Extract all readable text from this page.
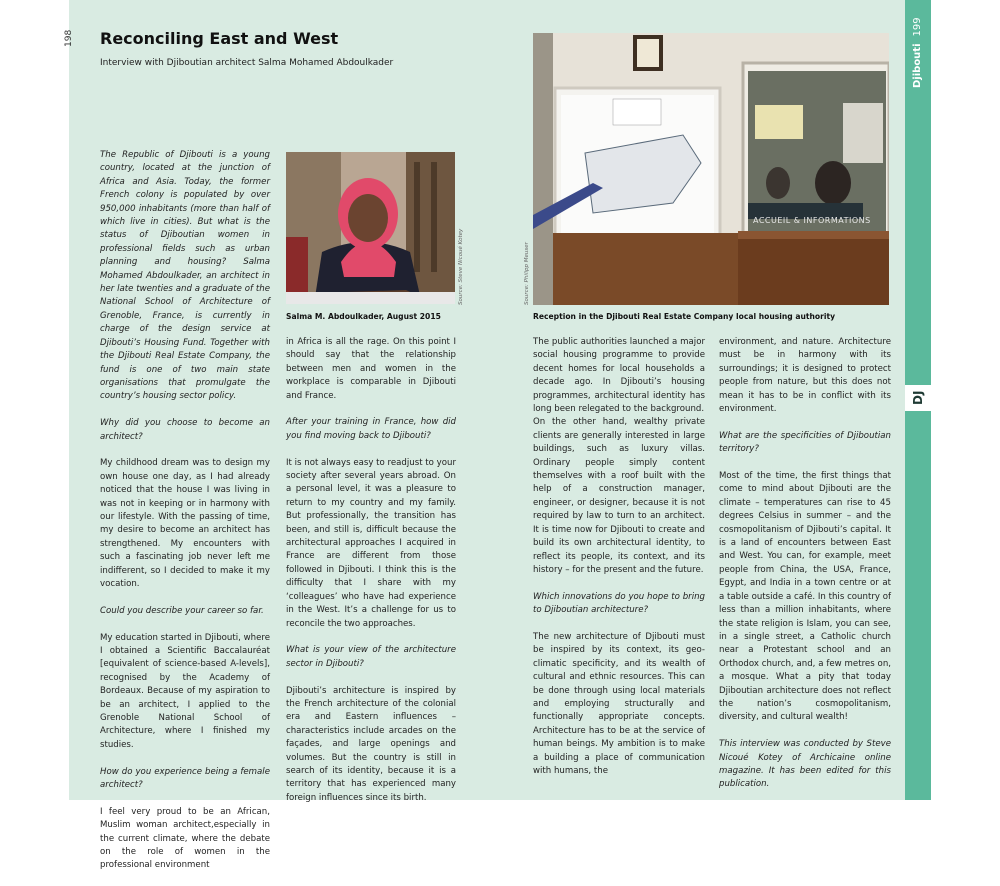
Djibouti  199
DJ
198 Reconciling East and West
Interview with Djiboutian architect Salma Mohamed Abdoulkader

The Republic of Djibouti is a young country, located at the junction of Africa and Asia. Today, the former French colony is populated by over 950,000 inhabitants (more than half of which live in cities). But what is the status of Djiboutian women in professional fields such as urban planning and housing? Salma Mohamed Abdoulkader, an architect in her late twenties and a graduate of the National School of Architecture of Grenoble, France, is currently in charge of the design service at Djibouti’s Housing Fund. Together with the Djibouti Real Estate Company, the fund is one of two main state organisations that promulgate the country’s housing sector policy.

Why did you choose to become an architect?

My childhood dream was to design my own house one day, as I had already noticed that the house I was living in was not in keeping or in harmony with our lifestyle. With the passing of time, my desire to become an architect has strengthened. My encounters with such a fascinating job never left me indifferent, so I decided to make it my vocation.

Could you describe your career so far.

My education started in Djibouti, where I obtained a Scientific Baccalauréat [equivalent of science-based A-levels], recognised by the Academy of Bordeaux. Because of my aspiration to be an architect, I applied to the Grenoble National School of Architecture, where I finished my studies.

How do you experience being a female architect?

I feel very proud to be an African, Muslim woman architect,especially in the current climate, where the debate on the role of women in the professional environment

Source: Steve Nicoué Kotey
Salma M. Abdoulkader, August 2015

in Africa is all the rage. On this point I should say that the relationship between men and women in the workplace is comparable in Djibouti and France.

After your training in France, how did you find moving back to Djibouti?

It is not always easy to readjust to your society after several years abroad. On a personal level, it was a pleasure to return to my country and my family. But professionally, the transition has been, and still is, difficult because the architectural approaches I acquired in France are different from those followed in Djibouti. I think this is the difficulty that I share with my ‘colleagues’ who have had experience in the West. It’s a challenge for us to reconcile the two approaches.

What is your view of the architecture sector in Djibouti?

Djibouti’s architecture is inspired by the French architecture of the colonial era and Eastern influences – characteristics include arcades on the façades, and large openings and volumes. But the country is still in search of its identity, because it is a territory that has experienced many foreign influences since its birth.

ACCUEIL & INFORMATIONS
Source: Philipp Meuser
Reception in the Djibouti Real Estate Company local housing authority

The public authorities launched a major social housing programme to provide decent homes for local households a decade ago. In Djibouti’s housing programmes, architectural identity has long been relegated to the background.

On the other hand, wealthy private clients are generally interested in large buildings, such as luxury villas. Ordinary people simply content themselves with a roof built with the help of a construction manager, engineer, or designer, because it is not required by law to turn to an architect. It is time now for Djibouti to create and build its own architectural identity, to reflect its people, its context, and its history – for the present and the future.

Which innovations do you hope to bring to Djiboutian architecture?

The new architecture of Djibouti must be inspired by its context, its geo-climatic specificity, and its wealth of cultural and ethnic resources. This can be done through using local materials and employing structurally and functionally appropriate concepts. Architecture has to be at the service of human beings. My ambition is to make a building a place of communication with humans, the

environment, and nature. Architecture must be in harmony with its surroundings; it is designed to protect people from nature, but this does not mean it has to be in conflict with its environment.

What are the specificities of Djiboutian territory?

Most of the time, the first things that come to mind about Djibouti are the climate – temperatures can rise to 45 degrees Celsius in summer – and the cosmopolitanism of Djibouti’s capital. It is a land of encounters between East and West. You can, for example, meet people from China, the USA, France, Egypt, and India in a town centre or at a table outside a café. In this country of less than a million inhabitants, where the state religion is Islam, you can see, in a single street, a Catholic church near a Protestant school and an Orthodox church, and, a few metres on, a mosque. What a pity that today Djiboutian architecture does not reflect the nation’s cosmopolitanism, diversity, and cultural wealth!

This interview was conducted by Steve Nicoué Kotey of Archicaine online magazine. It has been edited for this publication.
